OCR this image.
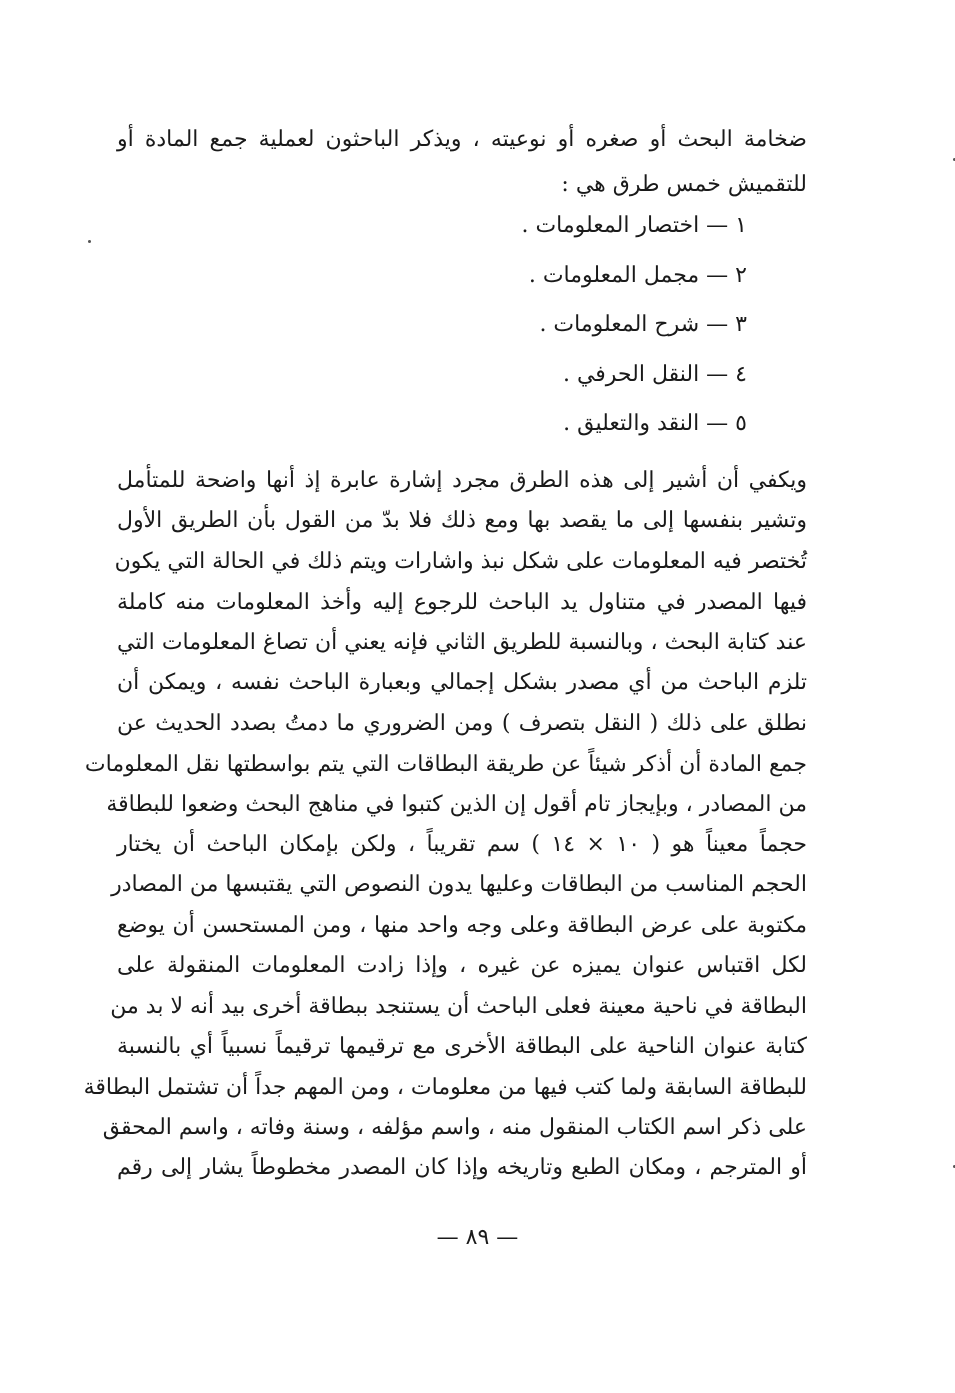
ضخامة البحث أو صغره أو نوعيته ، ويذكر الباحثون لعملية جمع المادة أو
للتقميش خمس طرق هي :
١ — اختصار المعلومات .
٢ — مجمل المعلومات .
٣ — شرح المعلومات .
٤ — النقل الحرفي .
٥ — النقد والتعليق .
ويكفي أن أشير إلى هذه الطرق مجرد إشارة عابرة إذ أنها واضحة للمتأمل
وتشير بنفسها إلى ما يقصد بها ومع ذلك فلا بدّ من القول بأن الطريق الأول
تُختصر فيه المعلومات على شكل نبذ واشارات ويتم ذلك في الحالة التي يكون
فيها المصدر في متناول يد الباحث للرجوع إليه وأخذ المعلومات منه كاملة
عند كتابة البحث ، وبالنسبة للطريق الثاني فإنه يعني أن تصاغ المعلومات التي
تلزم الباحث من أي مصدر بشكل إجمالي وبعبارة الباحث نفسه ، ويمكن أن
نطلق على ذلك ( النقل بتصرف ) ومن الضروري ما دمتُ بصدد الحديث عن
جمع المادة أن أذكر شيئاً عن طريقة البطاقات التي يتم بواسطتها نقل المعلومات
من المصادر ، وبإيجاز تام أقول إن الذين كتبوا في مناهج البحث وضعوا للبطاقة
حجماً معيناً هو ( ١٠ × ١٤ ) سم تقريباً ، ولكن بإمكان الباحث أن يختار
الحجم المناسب من البطاقات وعليها يدون النصوص التي يقتبسها من المصادر
مكتوبة على عرض البطاقة وعلى وجه واحد منها ، ومن المستحسن أن يوضع
لكل اقتباس عنوان يميزه عن غيره ، وإذا زادت المعلومات المنقولة على
البطاقة في ناحية معينة فعلى الباحث أن يستنجد ببطاقة أخرى بيد أنه لا بد من
كتابة عنوان الناحية على البطاقة الأخرى مع ترقيمها ترقيماً نسبياً أي بالنسبة
للبطاقة السابقة ولما كتب فيها من معلومات ، ومن المهم جداً أن تشتمل البطاقة
على ذكر اسم الكتاب المنقول منه ، واسم مؤلفه ، وسنة وفاته ، واسم المحقق
أو المترجم ، ومكان الطبع وتاريخه وإذا كان المصدر مخطوطاً يشار إلى رقم
— ٨٩ —
